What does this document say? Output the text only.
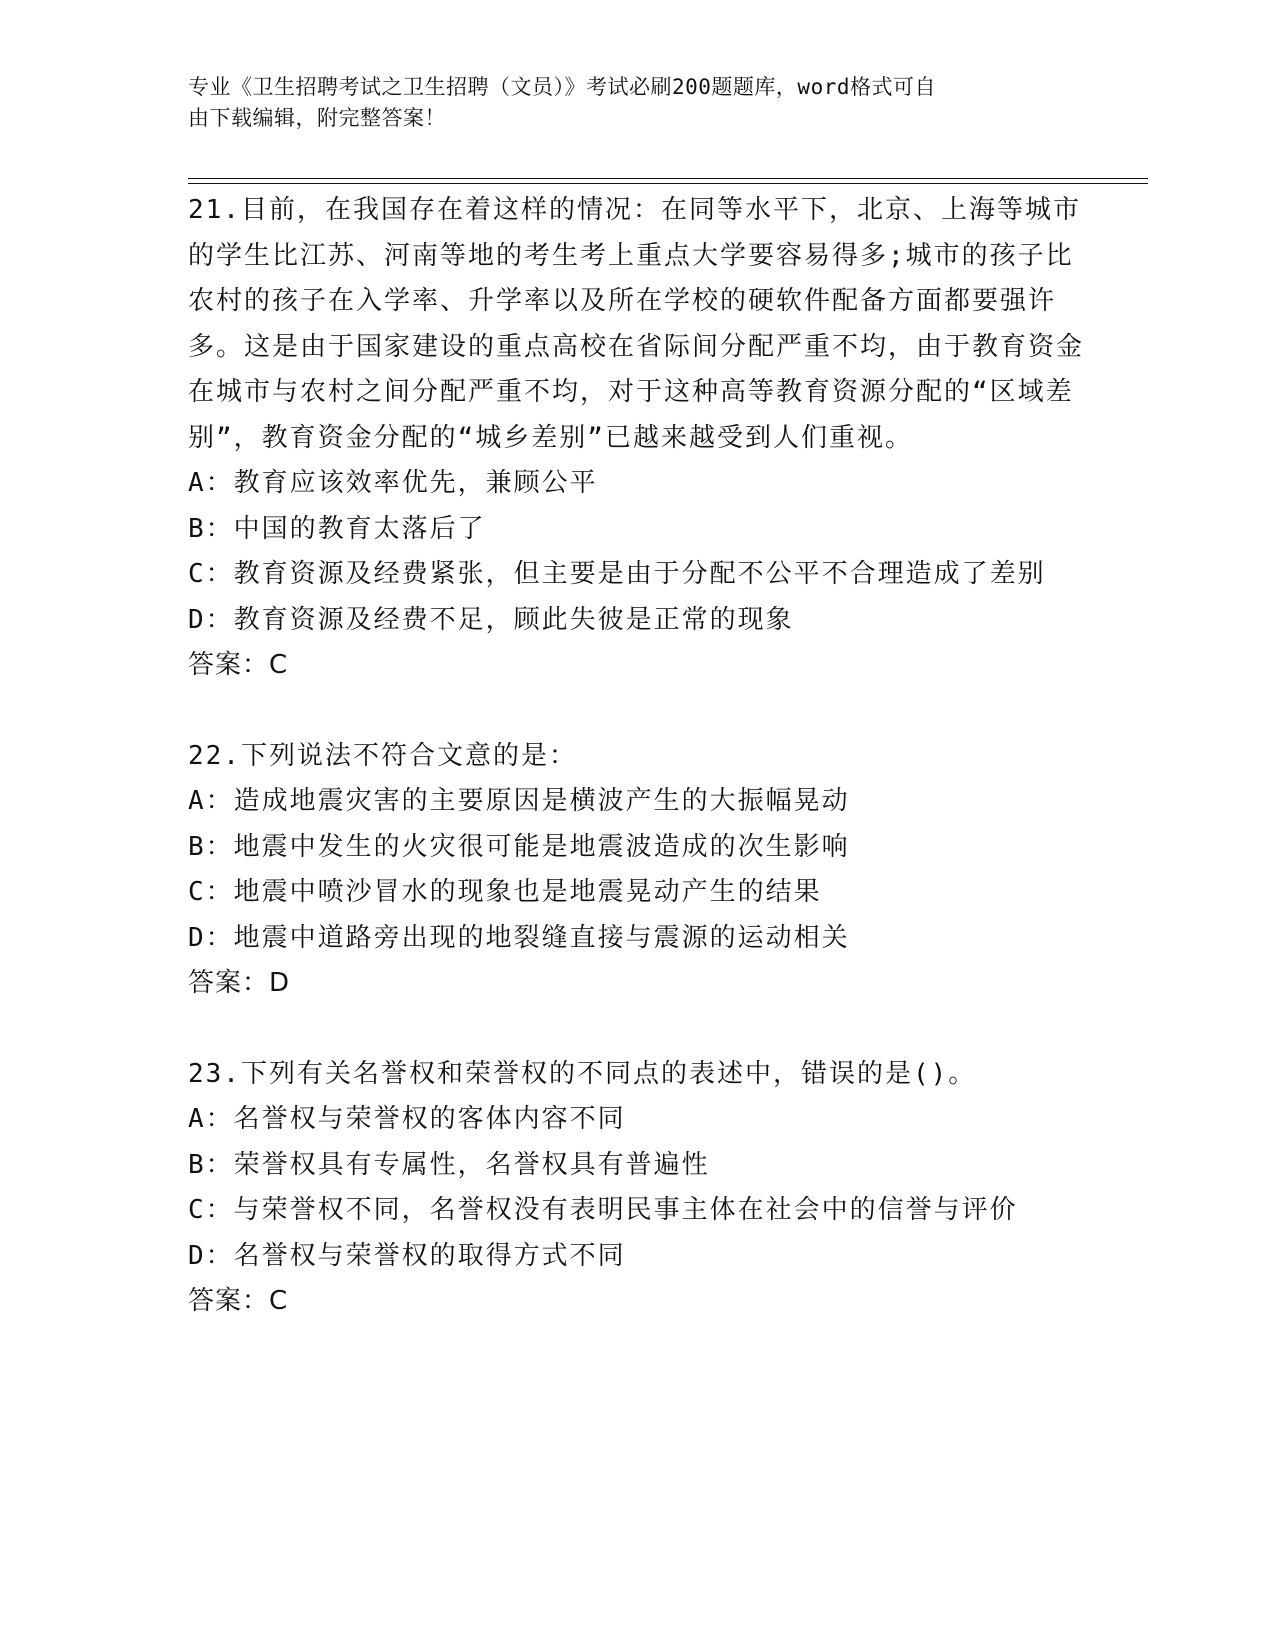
专业《卫生招聘考试之卫生招聘（文员）》考试必刷200题题库，word格式可自
由下载编辑，附完整答案！

21.目前，在我国存在着这样的情况：在同等水平下，北京、上海等城市的学生比江苏、河南等地的考生考上重点大学要容易得多;城市的孩子比农村的孩子在入学率、升学率以及所在学校的硬软件配备方面都要强许多。这是由于国家建设的重点高校在省际间分配严重不均，由于教育资金在城市与农村之间分配严重不均，对于这种高等教育资源分配的“区域差别”，教育资金分配的“城乡差别”已越来越受到人们重视。

A：教育应该效率优先，兼顾公平

B：中国的教育太落后了

C：教育资源及经费紧张，但主要是由于分配不公平不合理造成了差别

D：教育资源及经费不足，顾此失彼是正常的现象

答案：C

22.下列说法不符合文意的是：

A：造成地震灾害的主要原因是横波产生的大振幅晃动

B：地震中发生的火灾很可能是地震波造成的次生影响

C：地震中喷沙冒水的现象也是地震晃动产生的结果

D：地震中道路旁出现的地裂缝直接与震源的运动相关

答案：D

23.下列有关名誉权和荣誉权的不同点的表述中，错误的是()。

A：名誉权与荣誉权的客体内容不同

B：荣誉权具有专属性，名誉权具有普遍性

C：与荣誉权不同，名誉权没有表明民事主体在社会中的信誉与评价

D：名誉权与荣誉权的取得方式不同

答案：C
